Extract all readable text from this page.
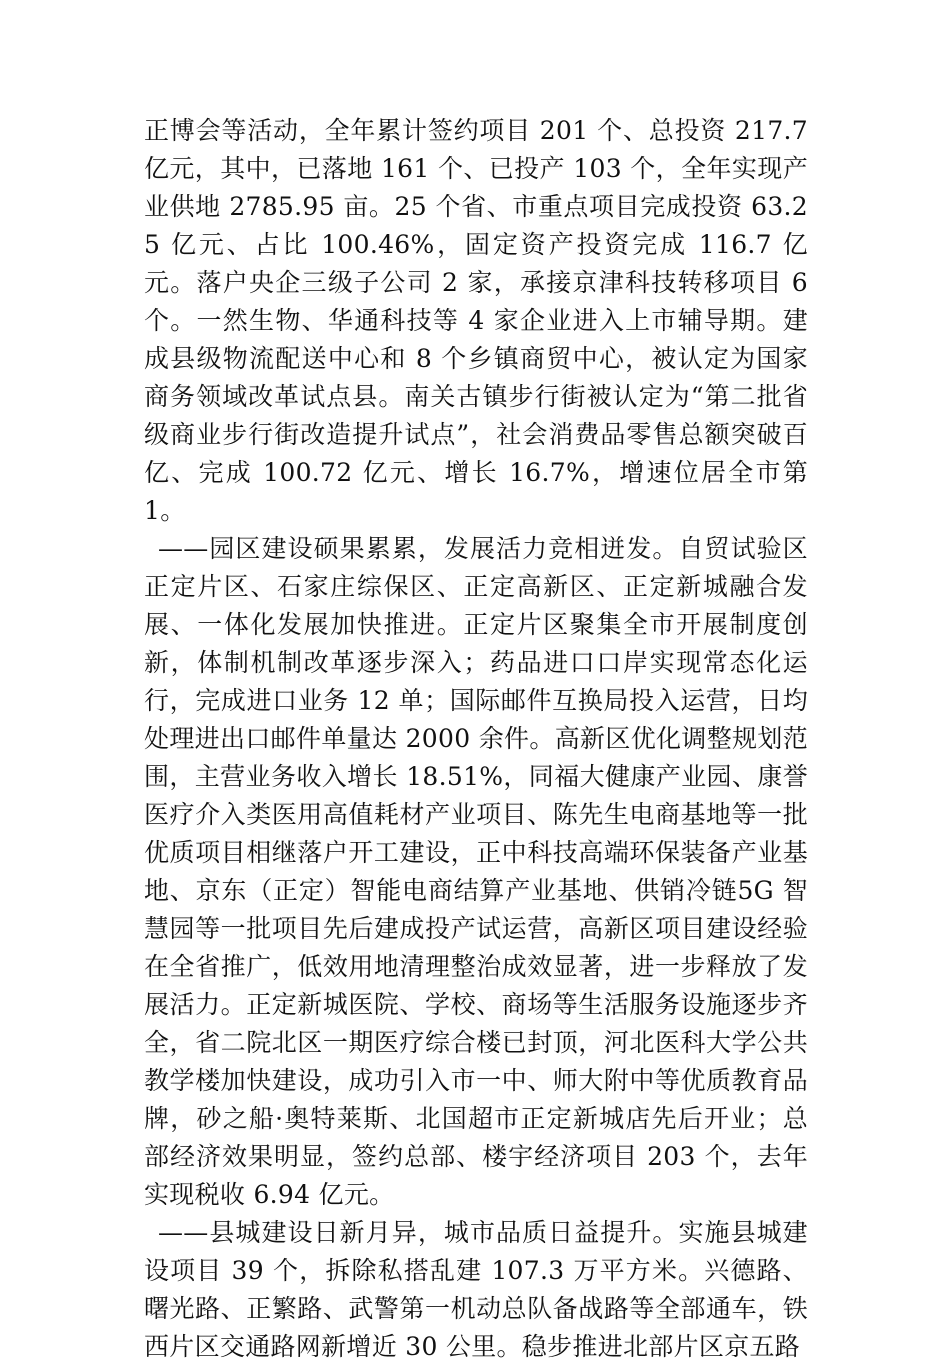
正博会等活动，全年累计签约项目 201 个、总投资 217.7 亿元，其中，已落地 161 个、已投产 103 个，全年实现产业供地 2785.95 亩。25 个省、市重点项目完成投资 63.25 亿元、占比 100.46%，固定资产投资完成 116.7 亿元。落户央企三级子公司 2 家，承接京津科技转移项目 6 个。一然生物、华通科技等 4 家企业进入上市辅导期。建成县级物流配送中心和 8 个乡镇商贸中心，被认定为国家商务领域改革试点县。南关古镇步行街被认定为“第二批省级商业步行街改造提升试点”，社会消费品零售总额突破百亿、完成 100.72 亿元、增长 16.7%，增速位居全市第 1。

——园区建设硕果累累，发展活力竞相迸发。自贸试验区正定片区、石家庄综保区、正定高新区、正定新城融合发展、一体化发展加快推进。正定片区聚集全市开展制度创新，体制机制改革逐步深入；药品进口口岸实现常态化运行，完成进口业务 12 单；国际邮件互换局投入运营，日均处理进出口邮件单量达 2000 余件。高新区优化调整规划范围，主营业务收入增长 18.51%，同福大健康产业园、康誉医疗介入类医用高值耗材产业项目、陈先生电商基地等一批优质项目相继落户开工建设，正中科技高端环保装备产业基地、京东（正定）智能电商结算产业基地、供销冷链5G 智慧园等一批项目先后建成投产试运营，高新区项目建设经验在全省推广，低效用地清理整治成效显著，进一步释放了发展活力。正定新城医院、学校、商场等生活服务设施逐步齐全，省二院北区一期医疗综合楼已封顶，河北医科大学公共教学楼加快建设，成功引入市一中、师大附中等优质教育品牌，砂之船·奥特莱斯、北国超市正定新城店先后开业；总部经济效果明显，签约总部、楼宇经济项目 203 个，去年实现税收 6.94 亿元。

——县城建设日新月异，城市品质日益提升。实施县城建设项目 39 个，拆除私搭乱建 107.3 万平方米。兴德路、曙光路、正繁路、武警第一机动总队备战路等全部通车，铁西片区交通路网新增近 30 公里。稳步推进北部片区京五路
